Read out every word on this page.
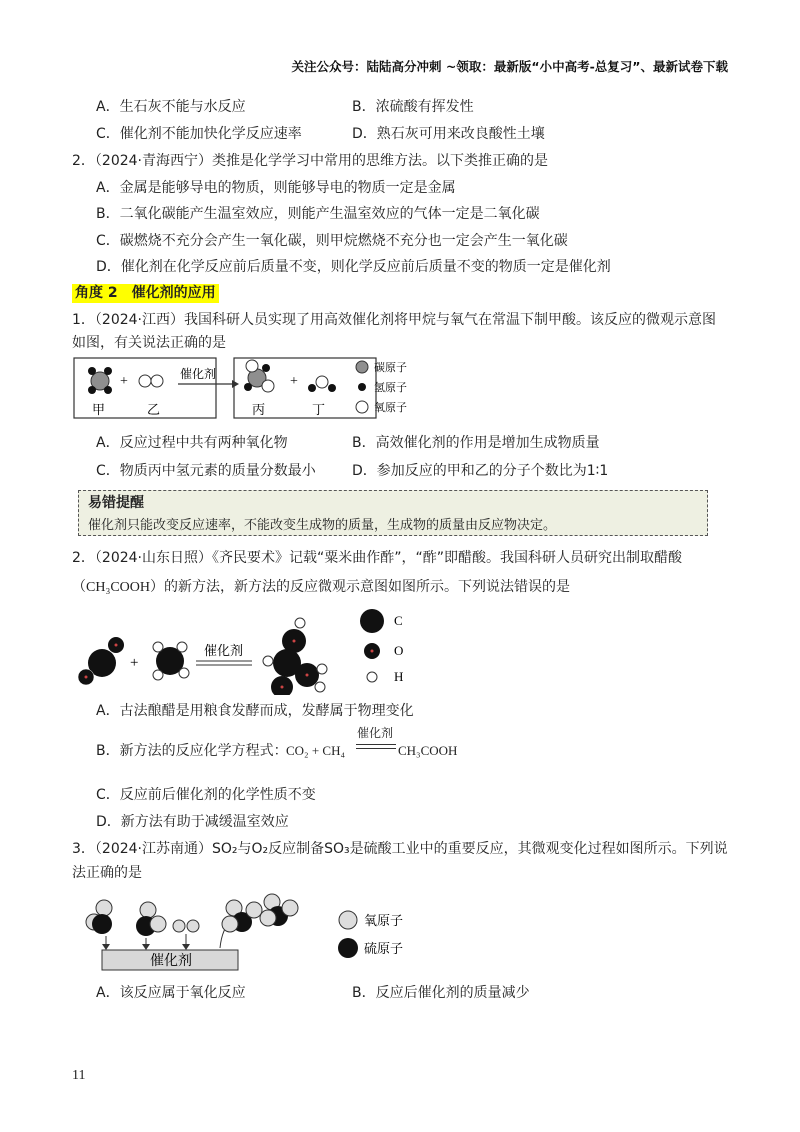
关注公众号：陆陆高分冲刺 ~领取：最新版“小中高考-总复习”、最新试卷下载
A．生石灰不能与水反应	B．浓硫酸有挥发性
C．催化剂不能加快化学反应速率	D．熟石灰可用来改良酸性土壤
2．（2024·青海西宁）类推是化学学习中常用的思维方法。以下类推正确的是
A．金属是能够导电的物质，则能够导电的物质一定是金属
B．二氧化碳能产生温室效应，则能产生温室效应的气体一定是二氧化碳
C．碳燃烧不充分会产生一氧化碳，则甲烷燃烧不充分也一定会产生一氧化碳
D．催化剂在化学反应前后质量不变，则化学反应前后质量不变的物质一定是催化剂
角度 2　催化剂的应用
1．（2024·江西）我国科研人员实现了用高效催化剂将甲烷与氧气在常温下制甲酸。该反应的微观示意图
如图，有关说法正确的是
+
甲	乙
催化剂	+
丙	丁
碳原子
氢原子
氧原子
A．反应过程中共有两种氧化物	B．高效催化剂的作用是增加生成物质量
C．物质丙中氢元素的质量分数最小	D．参加反应的甲和乙的分子个数比为1∶1
易错提醒
催化剂只能改变反应速率，不能改变生成物的质量，生成物的质量由反应物决定。
2．（2024·山东日照）《齐民要术》记载“粟米曲作酢”，“酢”即醋酸。我国科研人员研究出制取醋酸
（CH₃COOH）的新方法，新方法的反应微观示意图如图所示。下列说法错误的是
+
催化剂
C
O
H
A．古法酿醋是用粮食发酵而成，发酵属于物理变化
B．新方法的反应化学方程式：
CO₂ + CH₄
催化剂
CH₃COOH
C．反应前后催化剂的化学性质不变
D．新方法有助于减缓温室效应
3．（2024·江苏南通）SO₂与O₂反应制备SO₃是硫酸工业中的重要反应，其微观变化过程如图所示。下列说
法正确的是
催化剂
氧原子
硫原子
A．该反应属于氧化反应	B．反应后催化剂的质量减少
11
